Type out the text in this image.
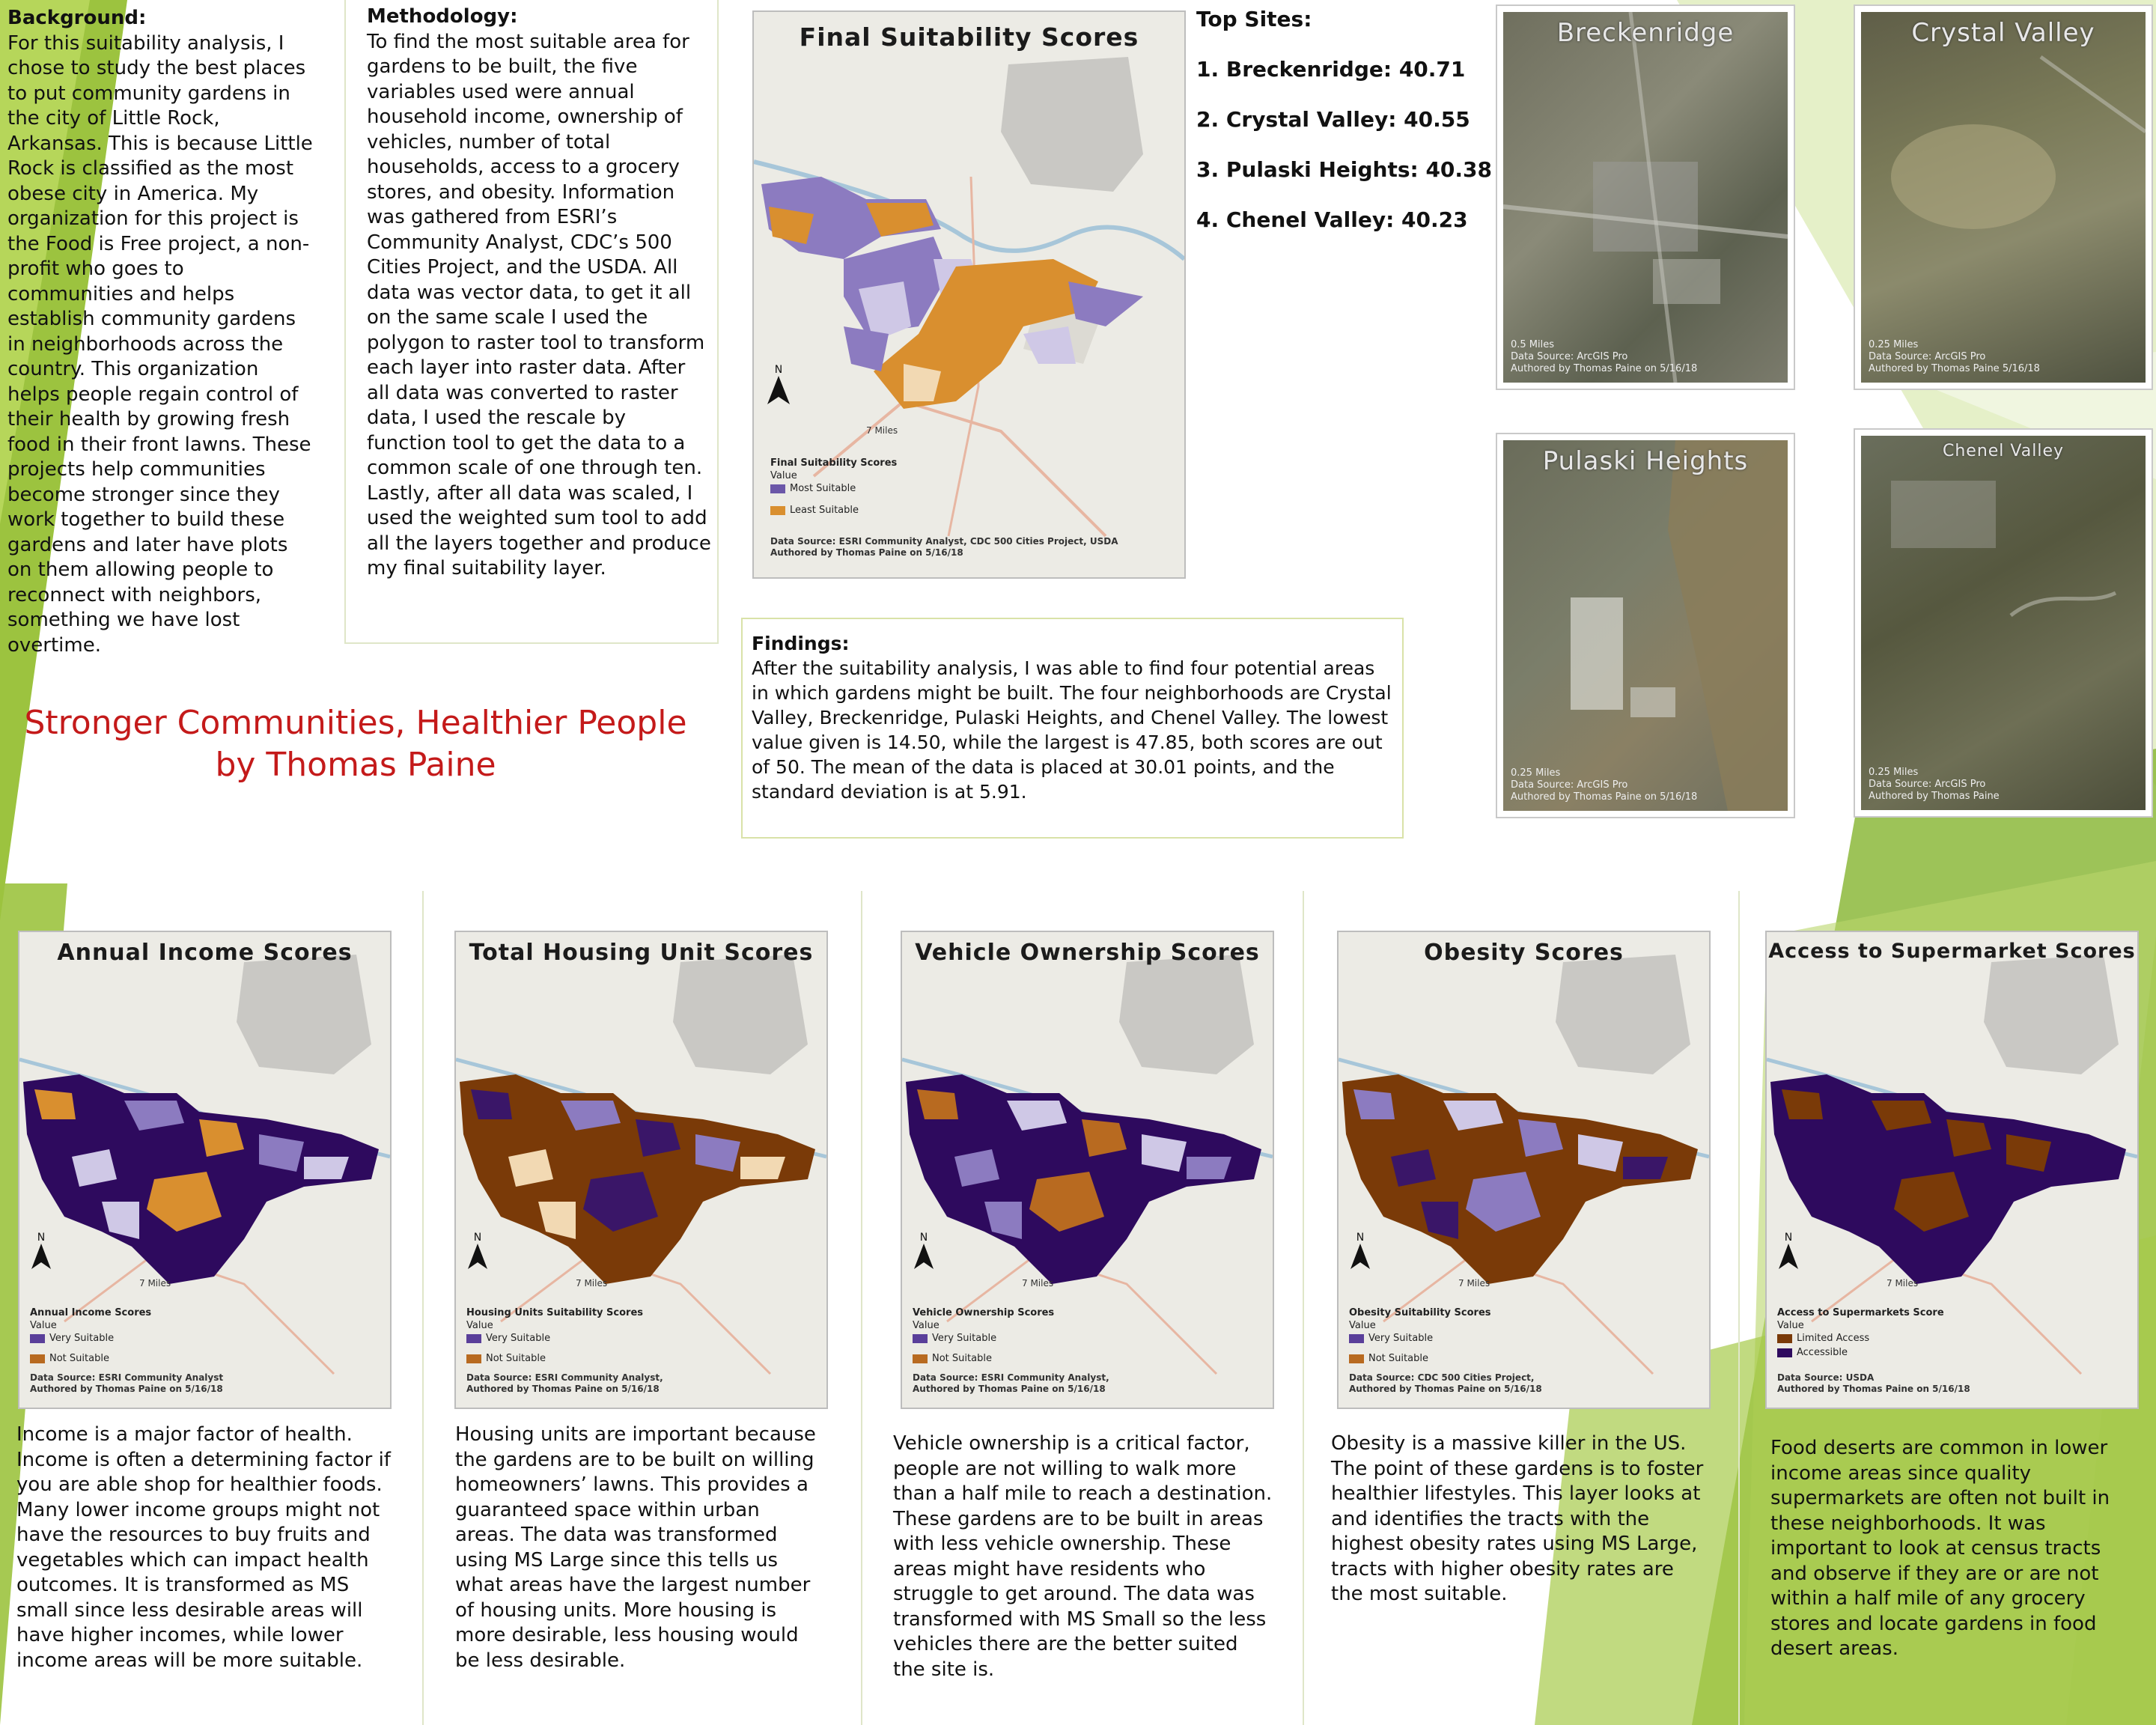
Background:
For this suitability analysis, I chose to study the best places to put community gardens in the city of Little Rock, Arkansas. This is because Little Rock is classified as the most obese city in America. My organization for this project is the Food is Free project, a non-profit who goes to communities and helps establish community gardens in neighborhoods across the country. This organization helps people regain control of their health by growing fresh food in their front lawns. These projects help communities become stronger since they work together to build these gardens and later have plots on them allowing people to reconnect with neighbors, something we have lost overtime.
Methodology:
To find the most suitable area for gardens to be built, the five variables used were annual household income, ownership of vehicles, number of total households, access to a grocery stores, and obesity. Information was gathered from ESRI’s Community Analyst, CDC’s 500 Cities Project, and the USDA. All data was vector data, to get it all on the same scale I used the polygon to raster tool to transform each layer into raster data. After all data was converted to raster data, I used the rescale by function tool to get the data to a common scale of one through ten. Lastly, after all data was scaled, I used the weighted sum tool to add all the layers together and produce my final suitability layer.
Stronger Communities, Healthier People
by Thomas Paine
Final Suitability Scores
N
7 Miles
Final Suitability Scores
Value
Most Suitable
Least Suitable
Data Source: ESRI Community Analyst, CDC 500 Cities Project, USDA
Authored by Thomas Paine on 5/16/18
Top Sites:
1. Breckenridge: 40.71
2. Crystal Valley: 40.55
3. Pulaski Heights: 40.38
4. Chenel Valley: 40.23
Findings:
After the suitability analysis, I was able to find four potential areas in which gardens might be built. The four neighborhoods are Crystal Valley, Breckenridge, Pulaski Heights, and Chenel Valley. The lowest value given is 14.50, while the largest is 47.85, both scores are out of 50. The mean of the data is placed at 30.01 points, and the standard deviation is at 5.91.
Breckenridge
0.5 Miles
Data Source: ArcGIS Pro
Authored by Thomas Paine on 5/16/18
Crystal Valley
0.25 Miles
Data Source: ArcGIS Pro
Authored by Thomas Paine 5/16/18
Pulaski Heights
0.25 Miles
Data Source: ArcGIS Pro
Authored by Thomas Paine on 5/16/18
Chenel Valley
0.25 Miles
Data Source: ArcGIS Pro
Authored by Thomas Paine
Annual Income Scores
N
7 Miles
Annual Income Scores
Value
Very Suitable
Not Suitable
Data Source: ESRI Community Analyst
Authored by Thomas Paine on 5/16/18
Income is a major factor of health. Income is often a determining factor if you are able shop for healthier foods. Many lower income groups might not have the resources to buy fruits and vegetables which can impact health outcomes. It is transformed as MS small since less desirable areas will have higher incomes, while lower income areas will be more suitable.
Total Housing Unit Scores
N
7 Miles
Housing Units Suitability Scores
Value
Very Suitable
Not Suitable
Data Source: ESRI Community Analyst,
Authored by Thomas Paine on 5/16/18
Housing units are important because the gardens are to be built on willing homeowners’ lawns. This provides a guaranteed space within urban areas. The data was transformed using MS Large since this tells us what areas have the largest number of housing units. More housing is more desirable, less housing would be less desirable.
Vehicle Ownership Scores
N
7 Miles
Vehicle Ownership Scores
Value
Very Suitable
Not Suitable
Data Source: ESRI Community Analyst,
Authored by Thomas Paine on 5/16/18
Vehicle ownership is a critical factor, people are not willing to walk more than a half mile to reach a destination. These gardens are to be built in areas with less vehicle ownership. These areas might have residents who struggle to get around. The data was transformed with MS Small so the less vehicles there are the better suited the site is.
Obesity Scores
N
7 Miles
Obesity Suitability Scores
Value
Very Suitable
Not Suitable
Data Source: CDC 500 Cities Project,
Authored by Thomas Paine on 5/16/18
Obesity is a massive killer in the US. The point of these gardens is to foster healthier lifestyles. This layer looks at and identifies the tracts with the highest obesity rates using MS Large, tracts with higher obesity rates are the most suitable.
Access to Supermarket Scores
N
7 Miles
Access to Supermarkets Score
Value
Limited Access
Accessible
Data Source: USDA
Authored by Thomas Paine on 5/16/18
Food deserts are common in lower income areas since quality supermarkets are often not built in these neighborhoods. It was important to look at census tracts and observe if they are or are not within a half mile of any grocery stores and locate gardens in food desert areas.
